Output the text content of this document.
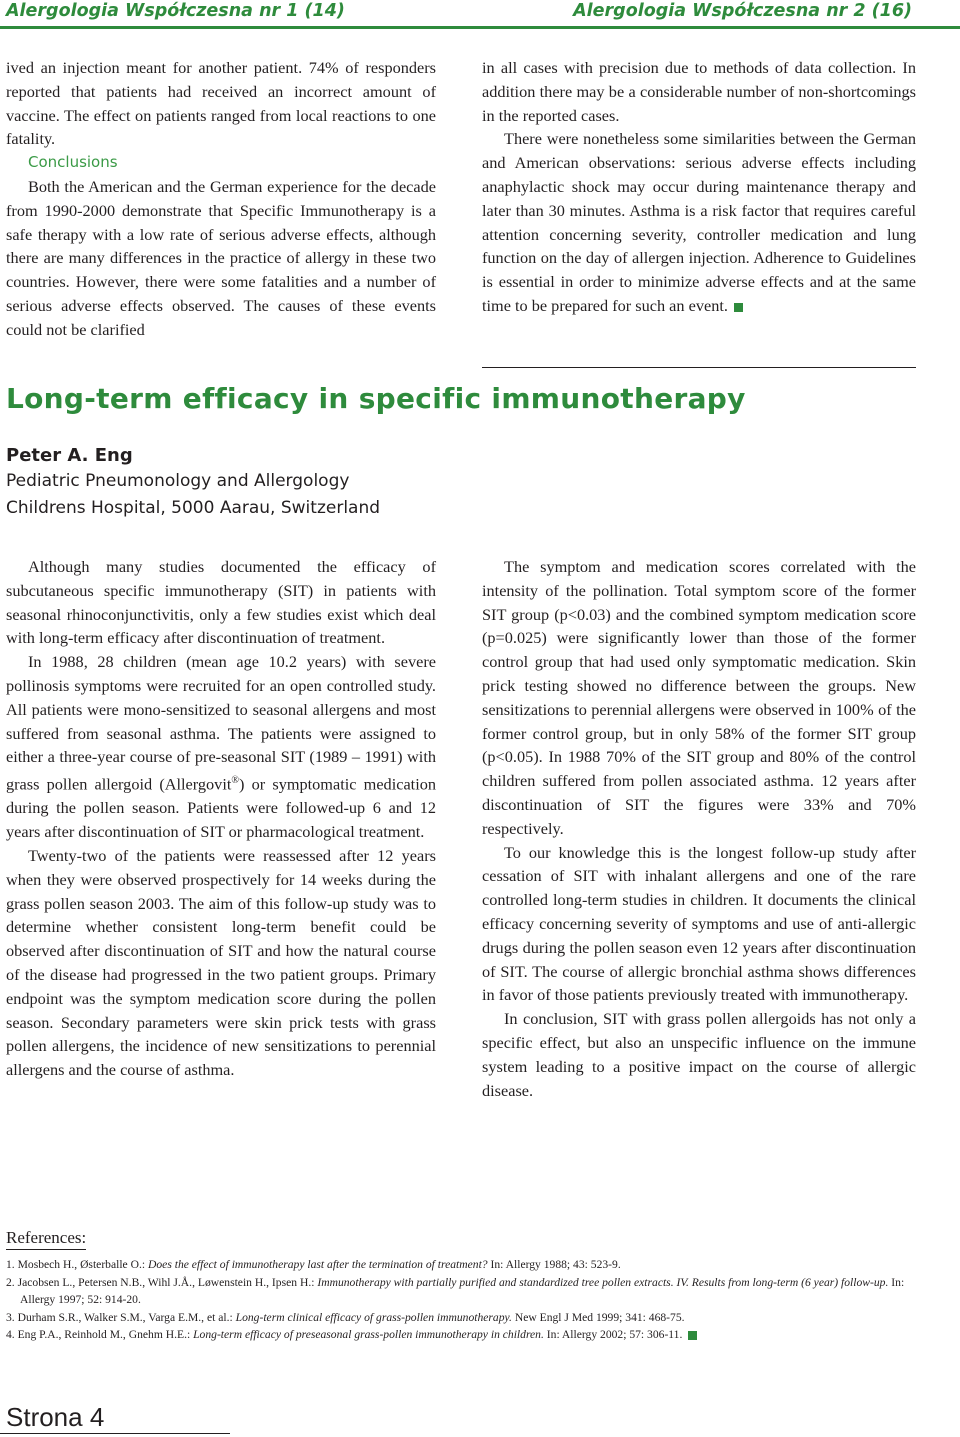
Alergologia Współczesna nr 1 (14)	Alergologia Współczesna nr 2 (16)

ived an injection meant for another patient. 74% of responders reported that patients had received an incorrect amount of vaccine. The effect on patients ranged from local reactions to one fatality.

Conclusions

Both the American and the German experience for the decade from 1990-2000 demonstrate that Specific Immunotherapy is a safe therapy with a low rate of serious adverse effects, although there are many differences in the practice of allergy in these two countries. However, there were some fatalities and a number of serious adverse effects observed. The causes of these events could not be clarified

in all cases with precision due to methods of data collection. In addition there may be a considerable number of non-shortcomings in the reported cases.

There were nonetheless some similarities between the German and American observations: serious adverse effects including anaphylactic shock may occur during maintenance therapy and later than 30 minutes. Asthma is a risk factor that requires careful attention concerning severity, controller medication and lung function on the day of allergen injection. Adherence to Guidelines is essential in order to minimize adverse effects and at the same time to be prepared for such an event.

Long-term efficacy in specific immunotherapy
Peter A. Eng
Pediatric Pneumonology and Allergology
Childrens Hospital, 5000 Aarau, Switzerland

Although many studies documented the efficacy of subcutaneous specific immunotherapy (SIT) in patients with seasonal rhinoconjunctivitis, only a few studies exist which deal with long-term efficacy after discontinuation of treatment.

In 1988, 28 children (mean age 10.2 years) with severe pollinosis symptoms were recruited for an open controlled study. All patients were mono-sensitized to seasonal allergens and most suffered from seasonal asthma. The patients were assigned to either a three-year course of pre-seasonal SIT (1989 – 1991) with grass pollen allergoid (Allergovit®) or symptomatic medication during the pollen season. Patients were followed-up 6 and 12 years after discontinuation of SIT or pharmacological treatment.

Twenty-two of the patients were reassessed after 12 years when they were observed prospectively for 14 weeks during the grass pollen season 2003. The aim of this follow-up study was to determine whether consistent long-term benefit could be observed after discontinuation of SIT and how the natural course of the disease had progressed in the two patient groups. Primary endpoint was the symptom medication score during the pollen season. Secondary parameters were skin prick tests with grass pollen allergens, the incidence of new sensitizations to perennial allergens and the course of asthma.

The symptom and medication scores correlated with the intensity of the pollination. Total symptom score of the former SIT group (p<0.03) and the combined symptom medication score (p=0.025) were significantly lower than those of the former control group that had used only symptomatic medication. Skin prick testing showed no difference between the groups. New sensitizations to perennial allergens were observed in 100% of the former control group, but in only 58% of the former SIT group (p<0.05). In 1988 70% of the SIT group and 80% of the control children suffered from pollen associated asthma. 12 years after discontinuation of SIT the figures were 33% and 70% respectively.

To our knowledge this is the longest follow-up study after cessation of SIT with inhalant allergens and one of the rare controlled long-term studies in children. It documents the clinical efficacy concerning severity of symptoms and use of anti-allergic drugs during the pollen season even 12 years after discontinuation of SIT. The course of allergic bronchial asthma shows differences in favor of those patients previously treated with immunotherapy.

In conclusion, SIT with grass pollen allergoids has not only a specific effect, but also an unspecific influence on the immune system leading to a positive impact on the course of allergic disease.

References:
1. Mosbech H., Østerballe O.: Does the effect of immunotherapy last after the termination of treatment? In: Allergy 1988; 43: 523-9.
2. Jacobsen L., Petersen N.B., Wihl J.Å., Løwenstein H., Ipsen H.: Immunotherapy with partially purified and standardized tree pollen extracts. IV. Results from long-term (6 year) follow-up. In: Allergy 1997; 52: 914-20.
3. Durham S.R., Walker S.M., Varga E.M., et al.: Long-term clinical efficacy of grass-pollen immunotherapy. New Engl J Med 1999; 341: 468-75.
4. Eng P.A., Reinhold M., Gnehm H.E.: Long-term efficacy of preseasonal grass-pollen immunotherapy in children. In: Allergy 2002; 57: 306-11.
Strona 4
